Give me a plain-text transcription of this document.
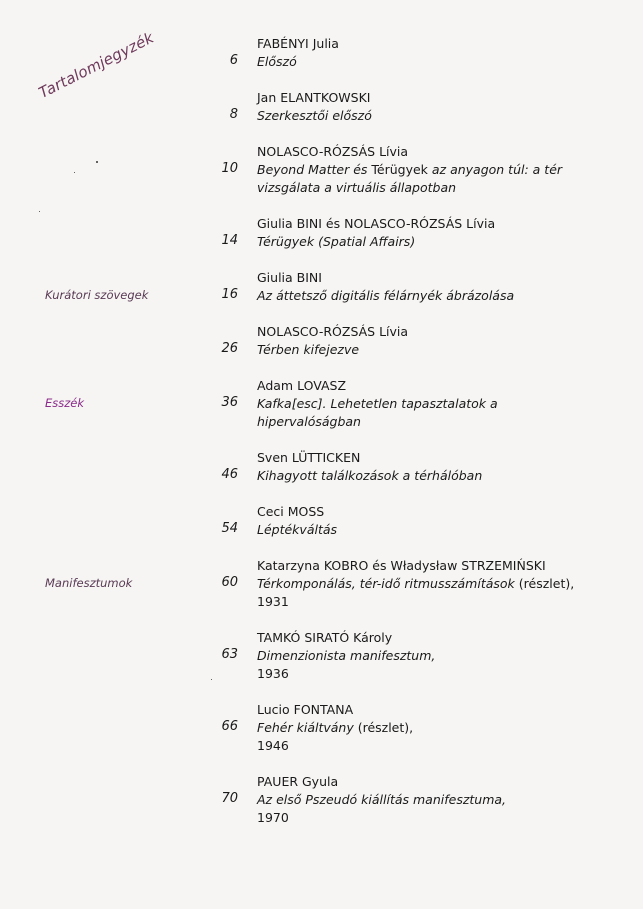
Tartalomjegyzék
Kurátori szövegek
Esszék
Manifesztumok
FABÉNYI Julia
6 Előszó
Jan ELANTKOWSKI
8 Szerkesztői előszó
NOLASCO-RÓZSÁS Lívia
10 Beyond Matter és Térügyek az anyagon túl: a tér vizsgálata a virtuális állapotban
Giulia BINI és NOLASCO-RÓZSÁS Lívia
14 Térügyek (Spatial Affairs)
Giulia BINI
16 Az áttetsző digitális félárnyék ábrázolása
NOLASCO-RÓZSÁS Lívia
26 Térben kifejezve
Adam LOVASZ
36 Kafka[esc]. Lehetetlen tapasztalatok a hipervalóságban
Sven LÜTTICKEN
46 Kihagyott találkozások a térhálóban
Ceci MOSS
54 Léptékváltás
Katarzyna KOBRO és Władysław STRZEMIŃSKI
60 Térkomponálás, tér-idő ritmusszámítások (részlet), 1931
TAMKÓ SIRATÓ Károly
63 Dimenzionista manifesztum,
1936
Lucio FONTANA
66 Fehér kiáltvány (részlet),
1946
PAUER Gyula
70 Az első Pszeudó kiállítás manifesztuma,
1970
